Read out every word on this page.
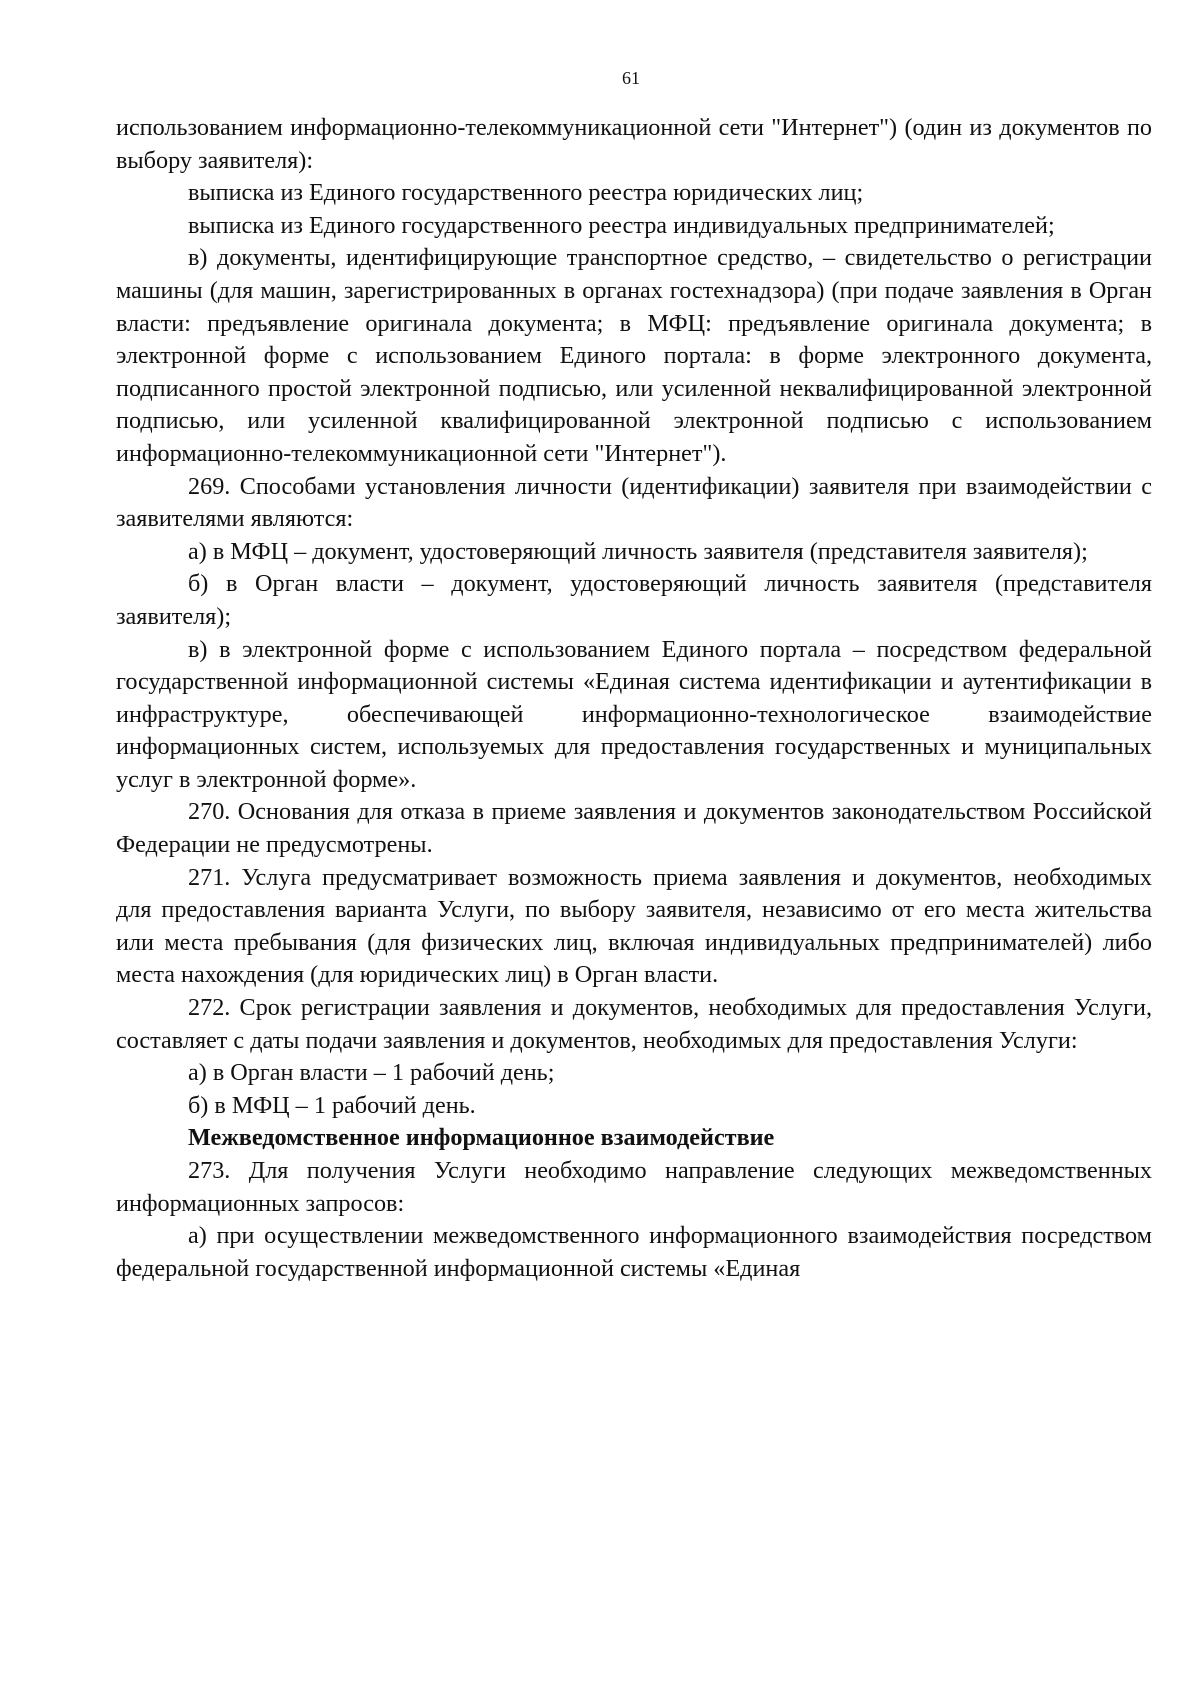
61

использованием информационно-телекоммуникационной сети "Интернет") (один из документов по выбору заявителя):

выписка из Единого государственного реестра юридических лиц;

выписка из Единого государственного реестра индивидуальных предпринимателей;

в) документы, идентифицирующие транспортное средство, – свидетельство о регистрации машины (для машин, зарегистрированных в органах гостехнадзора) (при подаче заявления в Орган власти: предъявление оригинала документа; в МФЦ: предъявление оригинала документа; в электронной форме с использованием Единого портала: в форме электронного документа, подписанного простой электронной подписью, или усиленной неквалифицированной электронной подписью, или усиленной квалифицированной электронной подписью с использованием информационно-телекоммуникационной сети "Интернет").

269. Способами установления личности (идентификации) заявителя при взаимодействии с заявителями являются:

а) в МФЦ – документ, удостоверяющий личность заявителя (представителя заявителя);

б) в Орган власти – документ, удостоверяющий личность заявителя (представителя заявителя);

в) в электронной форме с использованием Единого портала – посредством федеральной государственной информационной системы «Единая система идентификации и аутентификации в инфраструктуре, обеспечивающей информационно-технологическое взаимодействие информационных систем, используемых для предоставления государственных и муниципальных услуг в электронной форме».

270. Основания для отказа в приеме заявления и документов законодательством Российской Федерации не предусмотрены.

271. Услуга предусматривает возможность приема заявления и документов, необходимых для предоставления варианта Услуги, по выбору заявителя, независимо от его места жительства или места пребывания (для физических лиц, включая индивидуальных предпринимателей) либо места нахождения (для юридических лиц) в Орган власти.

272. Срок регистрации заявления и документов, необходимых для предоставления Услуги, составляет с даты подачи заявления и документов, необходимых для предоставления Услуги:

а) в Орган власти – 1 рабочий день;

б) в МФЦ – 1 рабочий день.

Межведомственное информационное взаимодействие

273. Для получения Услуги необходимо направление следующих межведомственных информационных запросов:

а) при осуществлении межведомственного информационного взаимодействия посредством федеральной государственной информационной системы «Единая
